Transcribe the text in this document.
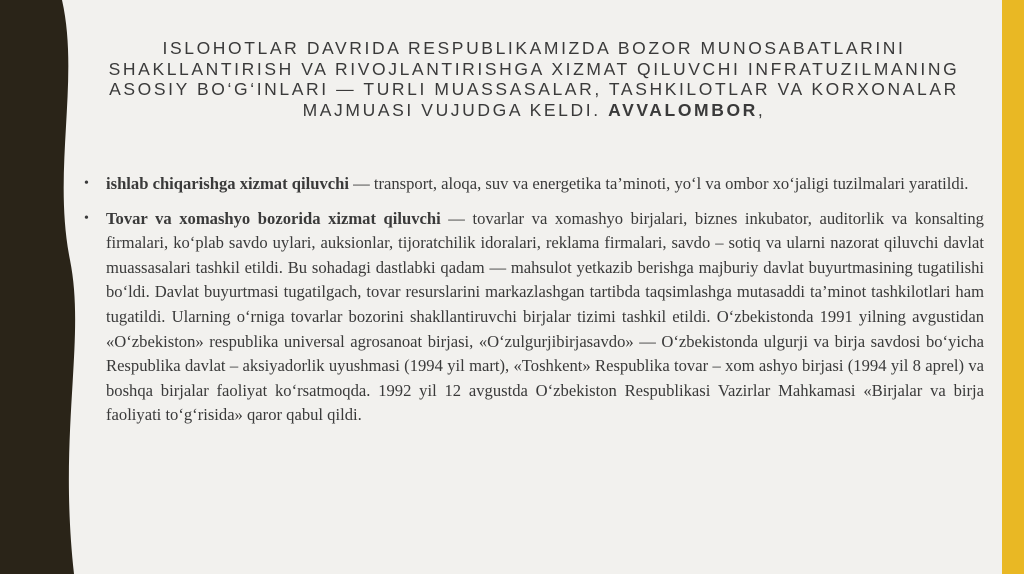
ISLOHOTLAR DAVRIDA RESPUBLIKAMIZDA BOZOR MUNOSABATLARINI SHAKLLANTIRISH VA RIVOJLANTIRISHGA XIZMAT QILUVCHI INFRATUZILMANING ASOSIY BO‘G‘INLARI — TURLI MUASSASALAR, TASHKILOTLAR VA KORXONALAR MAJMUASI VUJUDGA KELDI. AVVALOMBOR,
• ishlab chiqarishga xizmat qiluvchi — transport, aloqa, suv va energetika ta’minoti, yo‘l va ombor xo‘jaligi tuzilmalari yaratildi.
• Tovar va xomashyo bozorida xizmat qiluvchi — tovarlar va xomashyo birjalari, biznes inkubator, auditorlik va konsalting firmalari, ko‘plab savdo uylari, auksionlar, tijoratchilik idoralari, reklama firmalari, savdo – sotiq va ularni nazorat qiluvchi davlat muassasalari tashkil etildi. Bu sohadagi dastlabki qadam — mahsulot yetkazib berishga majburiy davlat buyurtmasining tugatilishi bo‘ldi. Davlat buyurtmasi tugatilgach, tovar resurslarini markazlashgan tartibda taqsimlashga mutasaddi ta’minot tashkilotlari ham tugatildi. Ularning o‘rniga tovarlar bozorini shakllantiruvchi birjalar tizimi tashkil etildi. O‘zbekistonda 1991 yilning avgustidan «O‘zbekiston» respublika universal agrosanoat birjasi, «O‘zulgurjibirjasavdo» — O‘zbekistonda ulgurji va birja savdosi bo‘yicha Respublika davlat – aksiyadorlik uyushmasi (1994 yil mart), «Toshkent» Respublika tovar – xom ashyo birjasi (1994 yil 8 aprel) va boshqa birjalar faoliyat ko‘rsatmoqda. 1992 yil 12 avgustda O‘zbekiston Respublikasi Vazirlar Mahkamasi «Birjalar va birja faoliyati to‘g‘risida» qaror qabul qildi.
